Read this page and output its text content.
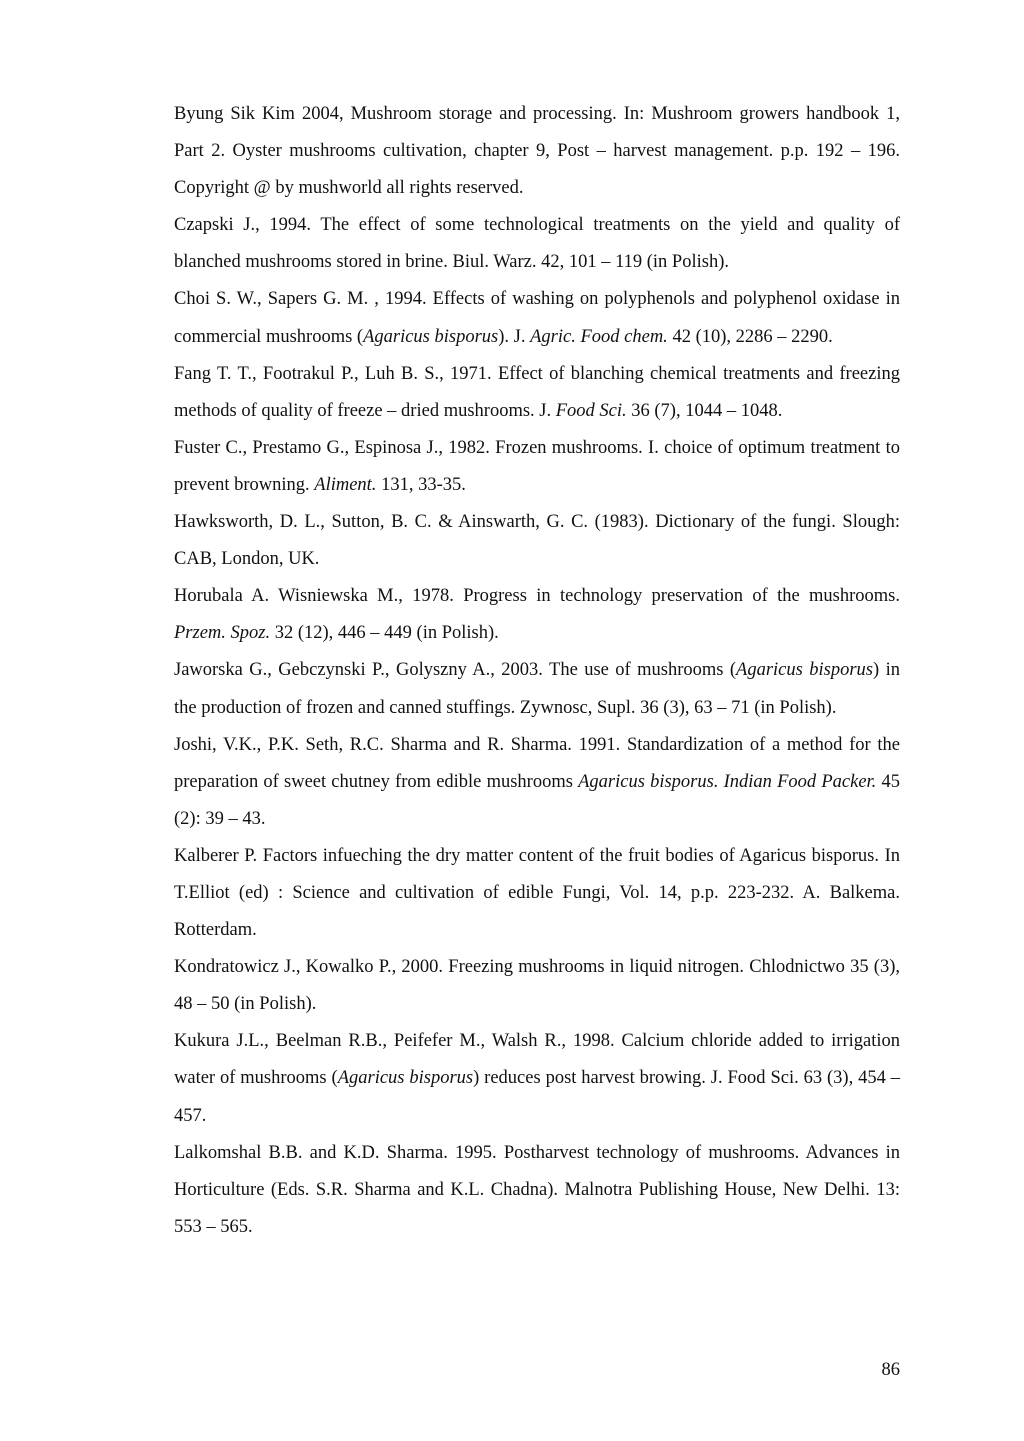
Byung Sik Kim 2004, Mushroom storage and processing. In: Mushroom growers handbook 1, Part 2. Oyster mushrooms cultivation, chapter 9, Post – harvest management. p.p. 192 – 196. Copyright @ by mushworld all rights reserved.

Czapski J., 1994. The effect of some technological treatments on the yield and quality of blanched mushrooms stored in brine. Biul. Warz. 42, 101 – 119 (in Polish).

Choi S. W., Sapers G. M. , 1994. Effects of washing on polyphenols and polyphenol oxidase in commercial mushrooms (Agaricus bisporus). J. Agric. Food chem. 42 (10), 2286 – 2290.

Fang T. T., Footrakul P., Luh B. S., 1971. Effect of blanching chemical treatments and freezing methods of quality of freeze – dried mushrooms. J. Food Sci. 36 (7), 1044 – 1048.

Fuster C., Prestamo G., Espinosa J., 1982. Frozen mushrooms. I. choice of optimum treatment to prevent browning. Aliment. 131, 33-35.

Hawksworth, D. L., Sutton, B. C. & Ainswarth, G. C. (1983). Dictionary of the fungi. Slough: CAB, London, UK.

Horubala A. Wisniewska M., 1978. Progress in technology preservation of the mushrooms. Przem. Spoz. 32 (12), 446 – 449 (in Polish).

Jaworska G., Gebczynski P., Golyszny A., 2003. The use of mushrooms (Agaricus bisporus) in the production of frozen and canned stuffings. Zywnosc, Supl. 36 (3), 63 – 71 (in Polish).

Joshi, V.K., P.K. Seth, R.C. Sharma and R. Sharma. 1991. Standardization of a method for the preparation of sweet chutney from edible mushrooms Agaricus bisporus. Indian Food Packer. 45 (2): 39 – 43.

Kalberer P. Factors infueching the dry matter content of the fruit bodies of Agaricus bisporus. In T.Elliot (ed) : Science and cultivation of edible Fungi, Vol. 14, p.p. 223-232. A. Balkema. Rotterdam.

Kondratowicz J., Kowalko P., 2000. Freezing mushrooms in liquid nitrogen. Chlodnictwo 35 (3), 48 – 50 (in Polish).

Kukura J.L., Beelman R.B., Peifefer M., Walsh R., 1998. Calcium chloride added to irrigation water of mushrooms (Agaricus bisporus) reduces post harvest browing. J. Food Sci. 63 (3), 454 – 457.

Lalkomshal B.B. and K.D. Sharma. 1995. Postharvest technology of mushrooms. Advances in Horticulture (Eds. S.R. Sharma and K.L. Chadna). Malnotra Publishing House, New Delhi. 13: 553 – 565.

86
